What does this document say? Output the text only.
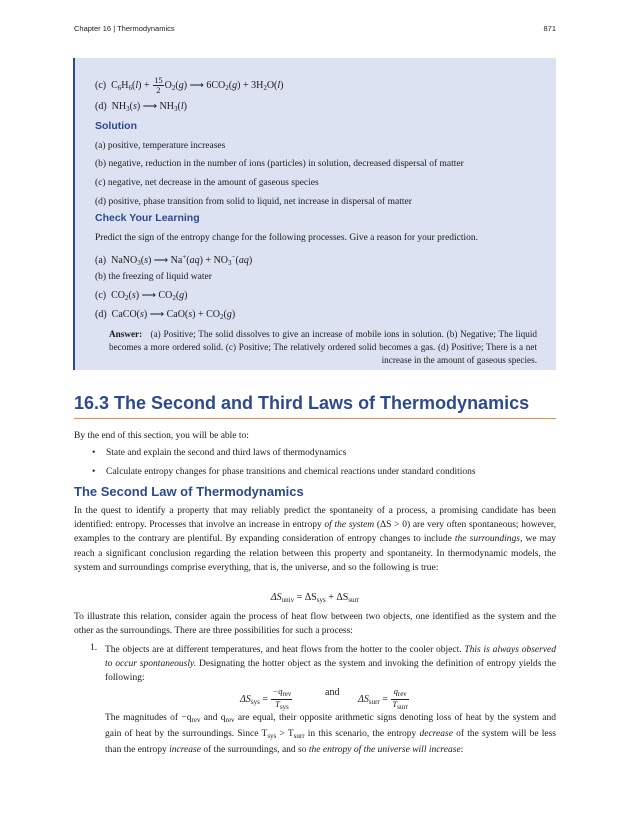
Chapter 16 | Thermodynamics	871
(c) $C_6H_6(l) + \frac{15}{2} O_2(g)$ ⟶ $6CO_2(g) + 3H_2O(l)$
(d) $NH_3(s)$ ⟶ $NH_3(l)$
Solution
(a) positive, temperature increases
(b) negative, reduction in the number of ions (particles) in solution, decreased dispersal of matter
(c) negative, net decrease in the amount of gaseous species
(d) positive, phase transition from solid to liquid, net increase in dispersal of matter
Check Your Learning
Predict the sign of the entropy change for the following processes. Give a reason for your prediction.
(a) NaNO$_3$(s) ⟶ $Na^+(aq) + NO_3^-(aq)$
(b) the freezing of liquid water
(c) $CO_2(s)$ ⟶ $CO_2(g)$
(d) CaCO(s) ⟶ $CaO(s) + CO_2(g)$
Answer: (a) Positive; The solid dissolves to give an increase of mobile ions in solution. (b) Negative; The liquid becomes a more ordered solid. (c) Positive; The relatively ordered solid becomes a gas. (d) Positive; There is a net increase in the amount of gaseous species.
16.3 The Second and Third Laws of Thermodynamics
By the end of this section, you will be able to:
• State and explain the second and third laws of thermodynamics
• Calculate entropy changes for phase transitions and chemical reactions under standard conditions
The Second Law of Thermodynamics
In the quest to identify a property that may reliably predict the spontaneity of a process, a promising candidate has been identified: entropy. Processes that involve an increase in entropy of the system (ΔS > 0) are very often spontaneous; however, examples to the contrary are plentiful. By expanding consideration of entropy changes to include the surroundings, we may reach a significant conclusion regarding the relation between this property and spontaneity. In thermodynamic models, the system and surroundings comprise everything, that is, the universe, and so the following is true:
$\Delta S_{univ} = \Delta S_{sys} + \Delta S_{surr}$
To illustrate this relation, consider again the process of heat flow between two objects, one identified as the system and the other as the surroundings. There are three possibilities for such a process:
1. The objects are at different temperatures, and heat flows from the hotter to the cooler object. This is always observed to occur spontaneously. Designating the hotter object as the system and invoking the definition of entropy yields the following:
$\Delta S_{sys} = \frac{-q_{rev}}{T_{sys}}$	and
$\Delta S_{surr} = \frac{q_{rev}}{T_{surr}}$
The magnitudes of $-q_{rev}$ and $q_{rev}$ are equal, their opposite arithmetic signs denoting loss of heat by the system and gain of heat by the surroundings. Since $T_{sys} > T_{surr}$ in this scenario, the entropy decrease of the system will be less than the entropy increase of the surroundings, and so the entropy of the universe will increase:
